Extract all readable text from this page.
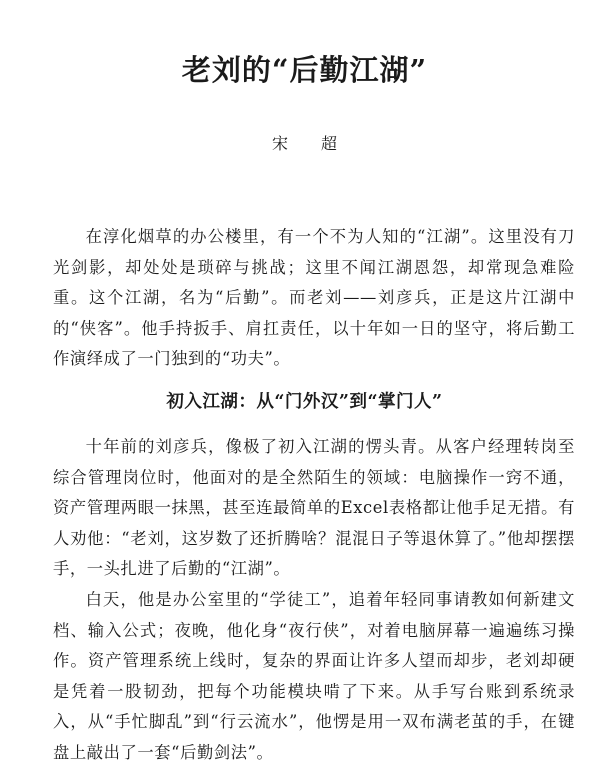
老刘的“后勤江湖”
宋 超

在淳化烟草的办公楼里，有一个不为人知的“江湖”。这里没有刀光剑影，却处处是琐碎与挑战；这里不闻江湖恩怨，却常现急难险重。这个江湖，名为“后勤”。而老刘——刘彦兵，正是这片江湖中的“侠客”。他手持扳手、肩扛责任，以十年如一日的坚守，将后勤工作演绎成了一门独到的“功夫”。

初入江湖：从“门外汉”到“掌门人”

十年前的刘彦兵，像极了初入江湖的愣头青。从客户经理转岗至综合管理岗位时，他面对的是全然陌生的领域：电脑操作一窍不通，资产管理两眼一抹黑，甚至连最简单的Excel表格都让他手足无措。有人劝他：“老刘，这岁数了还折腾啥？混混日子等退休算了。”他却摆摆手，一头扎进了后勤的“江湖”。

白天，他是办公室里的“学徒工”，追着年轻同事请教如何新建文档、输入公式；夜晚，他化身“夜行侠”，对着电脑屏幕一遍遍练习操作。资产管理系统上线时，复杂的界面让许多人望而却步，老刘却硬是凭着一股韧劲，把每个功能模块啃了下来。从手写台账到系统录入，从“手忙脚乱”到“行云流水”，他愣是用一双布满老茧的手，在键盘上敲出了一套“后勤剑法”。
